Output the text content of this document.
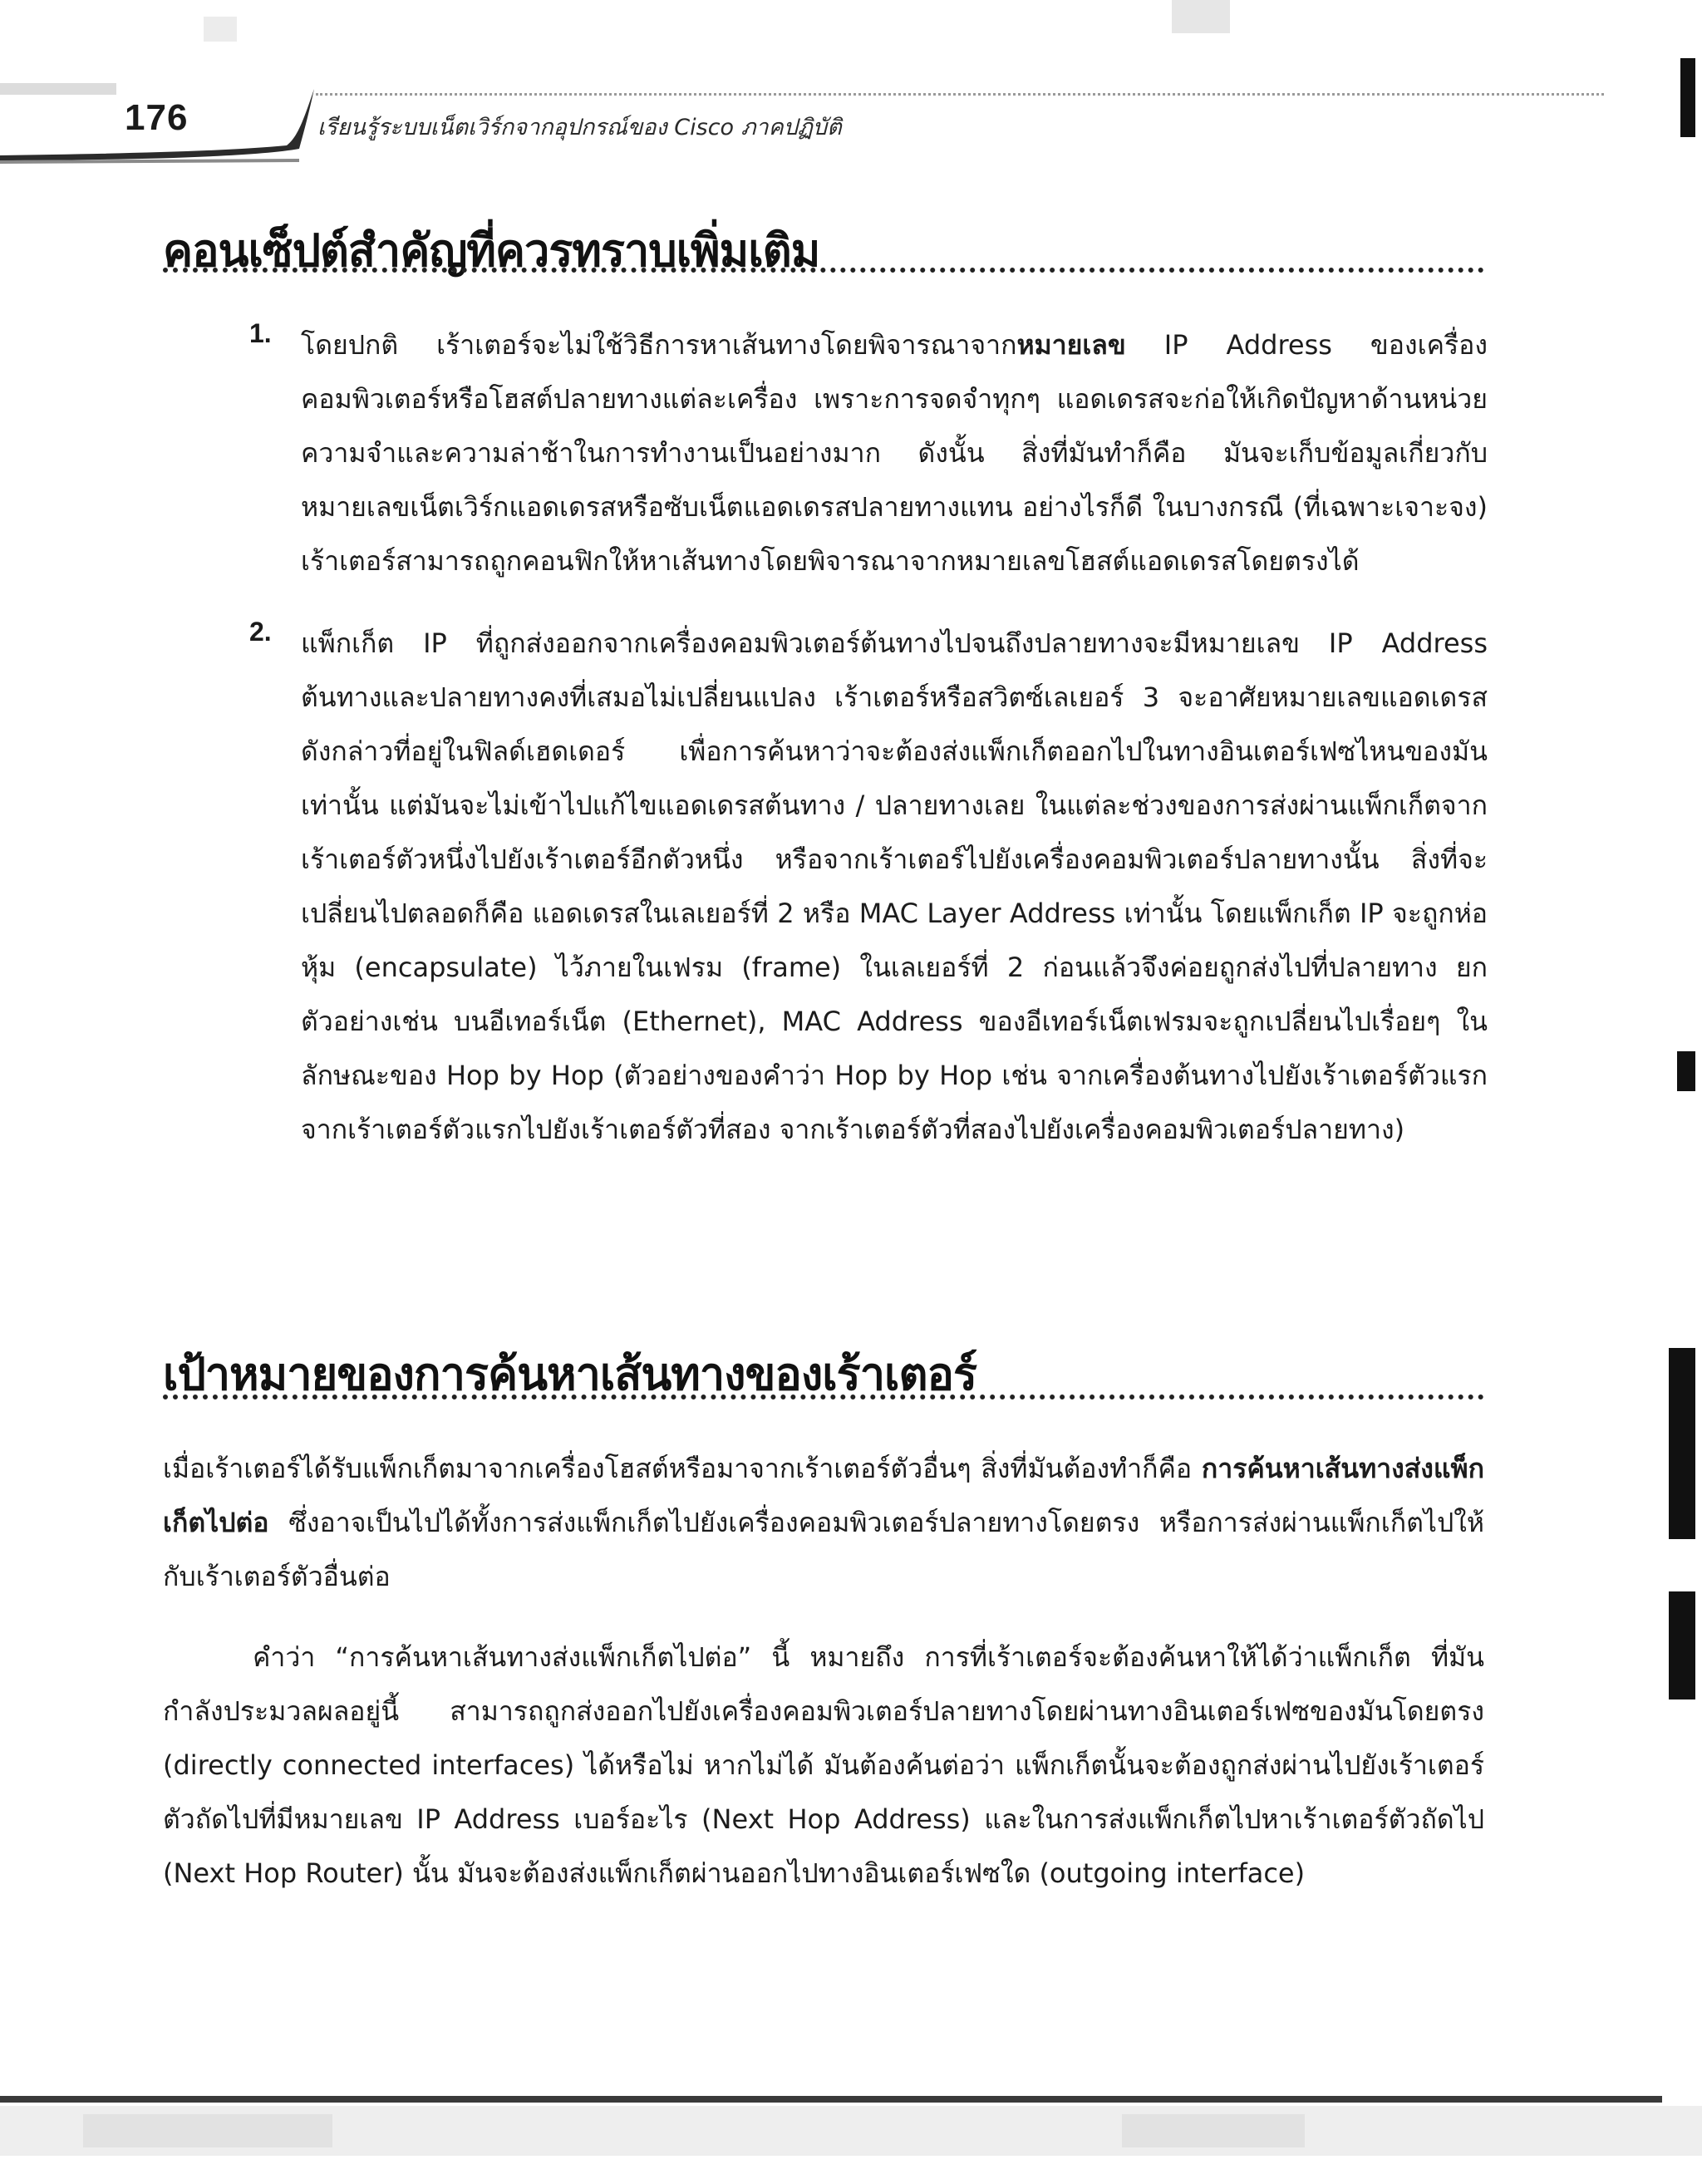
176	เรียนรู้ระบบเน็ตเวิร์กจากอุปกรณ์ของ Cisco ภาคปฏิบัติ
คอนเซ็ปต์สำคัญที่ควรทราบเพิ่มเติม
1. โดยปกติ เร้าเตอร์จะไม่ใช้วิธีการหาเส้นทางโดยพิจารณาจากหมายเลข IP Address ของเครื่องคอมพิวเตอร์หรือโฮสต์ปลายทางแต่ละเครื่อง เพราะการจดจำทุกๆ แอดเดรสจะก่อให้เกิดปัญหาด้านหน่วยความจำและความล่าช้าในการทำงานเป็นอย่างมาก ดังนั้น สิ่งที่มันทำก็คือ มันจะเก็บข้อมูลเกี่ยวกับหมายเลขเน็ตเวิร์กแอดเดรสหรือซับเน็ตแอดเดรสปลายทางแทน อย่างไรก็ดี ในบางกรณี (ที่เฉพาะเจาะจง) เร้าเตอร์สามารถถูกคอนฟิกให้หาเส้นทางโดยพิจารณาจากหมายเลขโฮสต์แอดเดรสโดยตรงได้

2. แพ็กเก็ต IP ที่ถูกส่งออกจากเครื่องคอมพิวเตอร์ต้นทางไปจนถึงปลายทางจะมีหมายเลข IP Address ต้นทางและปลายทางคงที่เสมอไม่เปลี่ยนแปลง เร้าเตอร์หรือสวิตซ์เลเยอร์ 3 จะอาศัยหมายเลขแอดเดรสดังกล่าวที่อยู่ในฟิลด์เฮดเดอร์ เพื่อการค้นหาว่าจะต้องส่งแพ็กเก็ตออกไปในทางอินเตอร์เฟซไหนของมันเท่านั้น แต่มันจะไม่เข้าไปแก้ไขแอดเดรสต้นทาง / ปลายทางเลย ในแต่ละช่วงของการส่งผ่านแพ็กเก็ตจากเร้าเตอร์ตัวหนึ่งไปยังเร้าเตอร์อีกตัวหนึ่ง หรือจากเร้าเตอร์ไปยังเครื่องคอมพิวเตอร์ปลายทางนั้น สิ่งที่จะเปลี่ยนไปตลอดก็คือ แอดเดรสในเลเยอร์ที่ 2 หรือ MAC Layer Address เท่านั้น โดยแพ็กเก็ต IP จะถูกห่อหุ้ม (encapsulate) ไว้ภายในเฟรม (frame) ในเลเยอร์ที่ 2 ก่อนแล้วจึงค่อยถูกส่งไปที่ปลายทาง ยกตัวอย่างเช่น บนอีเทอร์เน็ต (Ethernet), MAC Address ของอีเทอร์เน็ตเฟรมจะถูกเปลี่ยนไปเรื่อยๆ ในลักษณะของ Hop by Hop (ตัวอย่างของคำว่า Hop by Hop เช่น จากเครื่องต้นทางไปยังเร้าเตอร์ตัวแรก จากเร้าเตอร์ตัวแรกไปยังเร้าเตอร์ตัวที่สอง จากเร้าเตอร์ตัวที่สองไปยังเครื่องคอมพิวเตอร์ปลายทาง)

เป้าหมายของการค้นหาเส้นทางของเร้าเตอร์

เมื่อเร้าเตอร์ได้รับแพ็กเก็ตมาจากเครื่องโฮสต์หรือมาจากเร้าเตอร์ตัวอื่นๆ สิ่งที่มันต้องทำก็คือ การค้นหาเส้นทางส่งแพ็กเก็ตไปต่อ ซึ่งอาจเป็นไปได้ทั้งการส่งแพ็กเก็ตไปยังเครื่องคอมพิวเตอร์ปลายทางโดยตรง หรือการส่งผ่านแพ็กเก็ตไปให้กับเร้าเตอร์ตัวอื่นต่อ

คำว่า “การค้นหาเส้นทางส่งแพ็กเก็ตไปต่อ” นี้ หมายถึง การที่เร้าเตอร์จะต้องค้นหาให้ได้ว่าแพ็กเก็ต ที่มันกำลังประมวลผลอยู่นี้ สามารถถูกส่งออกไปยังเครื่องคอมพิวเตอร์ปลายทางโดยผ่านทางอินเตอร์เฟซของมันโดยตรง (directly connected interfaces) ได้หรือไม่ หากไม่ได้ มันต้องค้นต่อว่า แพ็กเก็ตนั้นจะต้องถูกส่งผ่านไปยังเร้าเตอร์ตัวถัดไปที่มีหมายเลข IP Address เบอร์อะไร (Next Hop Address) และในการส่งแพ็กเก็ตไปหาเร้าเตอร์ตัวถัดไป (Next Hop Router) นั้น มันจะต้องส่งแพ็กเก็ตผ่านออกไปทางอินเตอร์เฟซใด (outgoing interface)
